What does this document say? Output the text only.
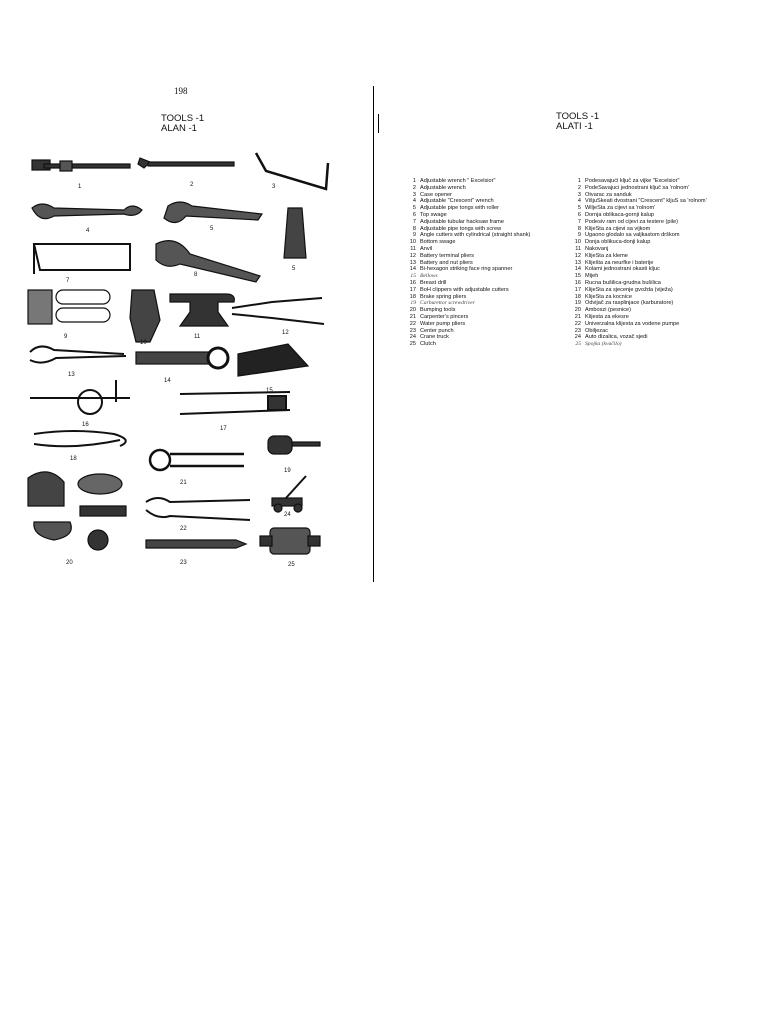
198
TOOLS -1
ALAN -1
TOOLS -1
ALATI -1
1	2	3
4	5
5
7
8
9
10
11
12
13
14
15
16
17
18
19
20
21
22
23
24
25
1 Adjustable wrench " Excelsior"
2 Adjustable wrench
3 Case opener
4 Adjustable "Crescent" wrench
5 Adjustable pipe tongs with roller
6 Top swage
7 Adjustable tubular hacksaw frame
8 Adjustable pipe tongs with screw
9 Angle cutters with cylindrical (straight shank)
10 Bottom swage
11 Anvil
12 Battery terminal pliers
13 Battery and nut pliers
14 Bi-hexagon striking face ring spanner
15 Bellows
16 Breast drill
17 BoH clippers with adjustable cutters
18 Brake spring pliers
19 Carburettor screwdriver
20 Bumping tools
21 Carpenter's pincers
22 Water pump pliers
23 Center punch
24 Crane truck
25 Clutch
1 Podesavajući ključ za vijke "Excelsior"
2 PodeSavajuci jednostrani ključ sa 'rolnom'
3 Otvarac za sanduk
4 VišjuSkeati dvostrani "Crescent" kljuS sa 'rolnom'
5 WiljeSta za cijevi sa 'rolnom'
6 Dornja oblikaca-gornji kalup
7 Podesiv ram od cijevi za testere (pile)
8 KlijeSta za cijevi sa vijkom
9 Ugaono glodalo sa valjkastom drškom
10 Donja oblikuca-donji kalup
11 Nakovanj
12 KlijeSta za kleme
13 Kliješta za neurfke i baterije
14 Kolami jednostrani okasti kljuc
15 Mijeh
16 Rucna bušilica-grudna bušilica
17 KlijeSta za sjecenje gvožda (viježa)
18 KlijeSta za kocnice
19 Odvijač za rasplinjace (karburatore)
20 Amboszi (pesnice)
21 Klijesta za ekesre
22 Univerzalna klijesta za vodene pumpe
23 Obiljezac
24 Auto dizalica, vozač sjedi
25 Spojka (kvačilo)
